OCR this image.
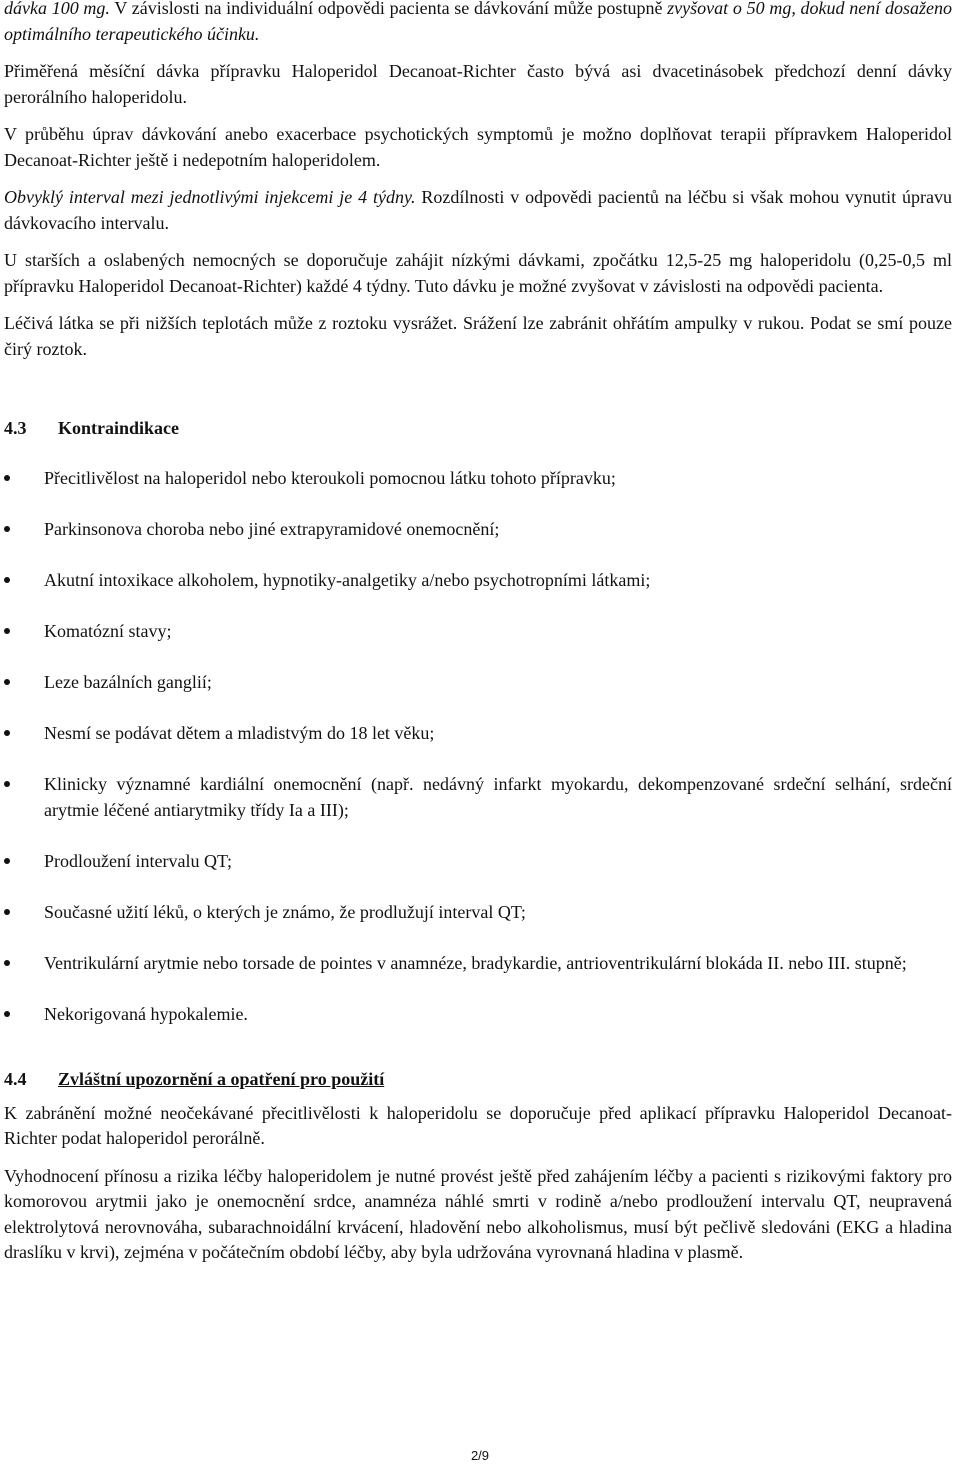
dávka 100 mg. V závislosti na individuální odpovědi pacienta se dávkování může postupně zvyšovat o 50 mg, dokud není dosaženo optimálního terapeutického účinku.

Přiměřená měsíční dávka přípravku Haloperidol Decanoat-Richter často bývá asi dvacetinásobek předchozí denní dávky perorálního haloperidolu.

V průběhu úprav dávkování anebo exacerbace psychotických symptomů je možno doplňovat terapii přípravkem Haloperidol Decanoat-Richter ještě i nedepotním haloperidolem.

Obvyklý interval mezi jednotlivými injekcemi je 4 týdny. Rozdílnosti v odpovědi pacientů na léčbu si však mohou vynutit úpravu dávkovacího intervalu.

U starších a oslabených nemocných se doporučuje zahájit nízkými dávkami, zpočátku 12,5-25 mg haloperidolu (0,25-0,5 ml přípravku Haloperidol Decanoat-Richter) každé 4 týdny. Tuto dávku je možné zvyšovat v závislosti na odpovědi pacienta.

Léčivá látka se při nižších teplotách může z roztoku vysrážet. Srážení lze zabránit ohřátím ampulky v rukou. Podat se smí pouze čirý roztok.

4.3	Kontraindikace
Přecitlivělost na haloperidol nebo kteroukoli pomocnou látku tohoto přípravku;
Parkinsonova choroba nebo jiné extrapyramidové onemocnění;
Akutní intoxikace alkoholem, hypnotiky-analgetiky a/nebo psychotropními látkami;
Komatózní stavy;
Leze bazálních ganglií;
Nesmí se podávat dětem a mladistvým do 18 let věku;
Klinicky významné kardiální onemocnění (např. nedávný infarkt myokardu, dekompenzované srdeční selhání, srdeční arytmie léčené antiarytmiky třídy Ia a III);
Prodloužení intervalu QT;
Současné užití léků, o kterých je známo, že prodlužují interval QT;
Ventrikulární arytmie nebo torsade de pointes v anamnéze, bradykardie, antrioventrikulární blokáda II. nebo III. stupně;
Nekorigovaná hypokalemie.
4.4	Zvláštní upozornění a opatření pro použití

K zabránění možné neočekávané přecitlivělosti k haloperidolu se doporučuje před aplikací přípravku Haloperidol Decanoat-Richter podat haloperidol perorálně.

Vyhodnocení přínosu a rizika léčby haloperidolem je nutné provést ještě před zahájením léčby a pacienti s rizikovými faktory pro komorovou arytmii jako je onemocnění srdce, anamnéza náhlé smrti v rodině a/nebo prodloužení intervalu QT, neupravená elektrolytová nerovnováha, subarachnoidální krvácení, hladovění nebo alkoholismus, musí být pečlivě sledováni (EKG a hladina draslíku v krvi), zejména v počátečním období léčby, aby byla udržována vyrovnaná hladina v plasmě.

2/9
